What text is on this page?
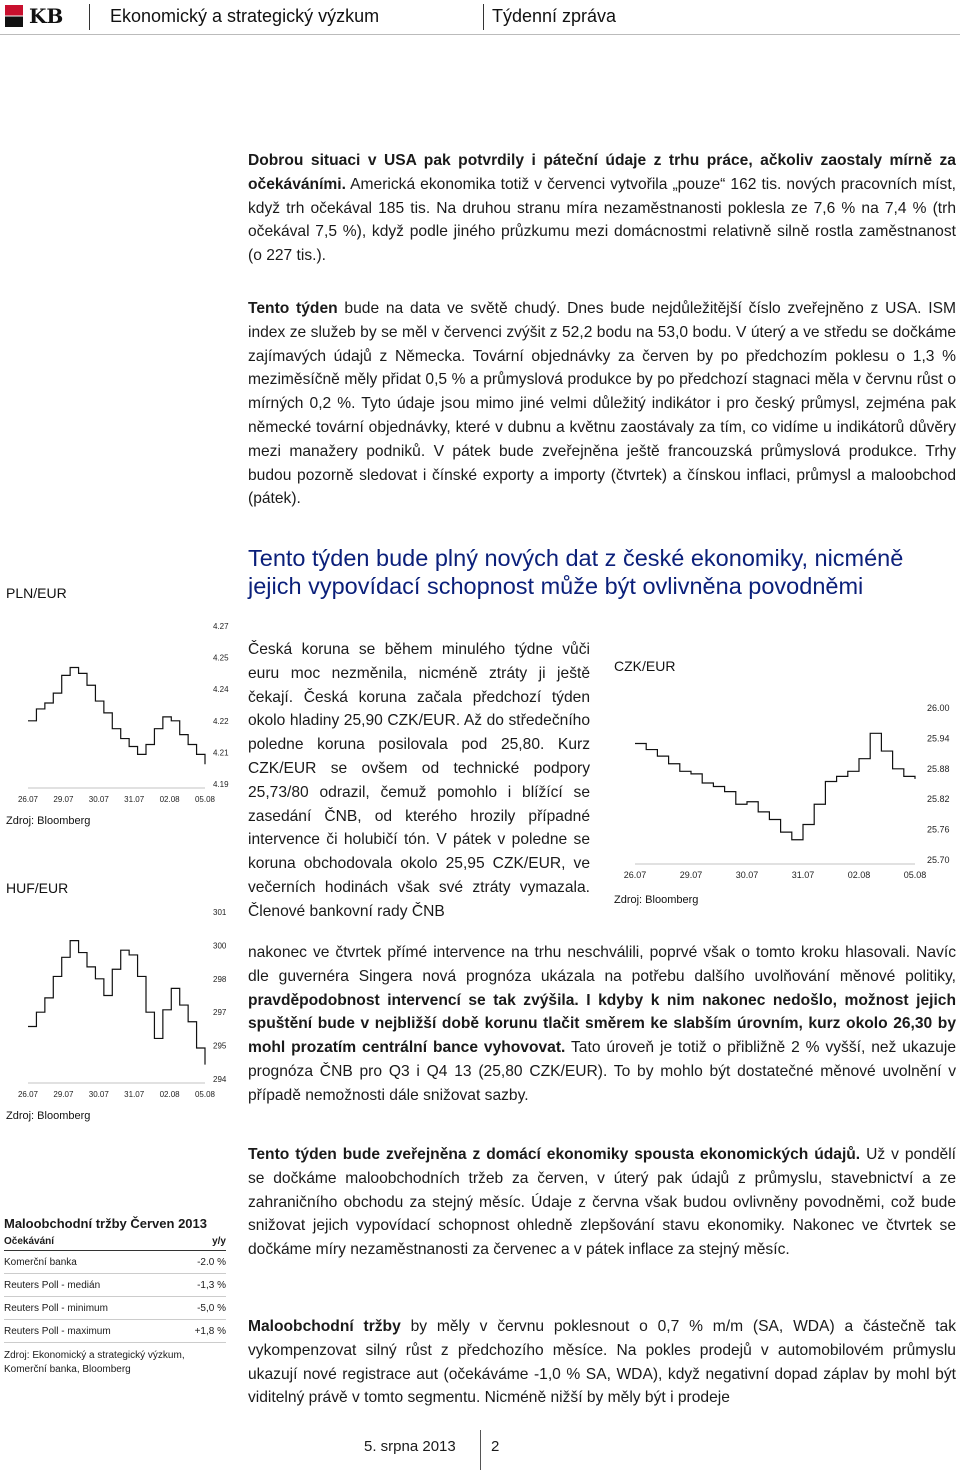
KB	Ekonomický a strategický výzkum	Týdenní zpráva
Dobrou situaci v USA pak potvrdily i páteční údaje z trhu práce, ačkoliv zaostaly mírně za očekáváními. Americká ekonomika totiž v červenci vytvořila „pouze“ 162 tis. nových pracovních míst, když trh očekával 185 tis. Na druhou stranu míra nezaměstnanosti poklesla ze 7,6 % na 7,4 % (trh očekával 7,5 %), když podle jiného průzkumu mezi domácnostmi relativně silně rostla zaměstnanost (o 227 tis.).
Tento týden bude na data ve světě chudý. Dnes bude nejdůležitější číslo zveřejněno z USA. ISM index ze služeb by se měl v červenci zvýšit z 52,2 bodu na 53,0 bodu. V úterý a ve středu se dočkáme zajímavých údajů z Německa. Tovární objednávky za červen by po předchozím poklesu o 1,3 % meziměsíčně měly přidat 0,5 % a průmyslová produkce by po předchozí stagnaci měla v červnu růst o mírných 0,2 %. Tyto údaje jsou mimo jiné velmi důležitý indikátor i pro český průmysl, zejména pak německé tovární objednávky, které v dubnu a květnu zaostávaly za tím, co vidíme u indikátorů důvěry mezi manažery podniků. V pátek bude zveřejněna ještě francouzská průmyslová produkce. Trhy budou pozorně sledovat i čínské exporty a importy (čtvrtek) a čínskou inflaci, průmysl a maloobchod (pátek).
Tento týden bude plný nových dat z české ekonomiky, nicméně jejich vypovídací schopnost může být ovlivněna povodněmi
Česká koruna se během minulého týdne vůči euru moc nezměnila, nicméně ztráty ji ještě čekají. Česká koruna začala předchozí týden okolo hladiny 25,90 CZK/EUR. Až do středečního poledne koruna posilovala pod 25,80. Kurz CZK/EUR se ovšem od technické podpory 25,73/80 odrazil, čemuž pomohlo i blížící se zasedání ČNB, od kterého hrozily případné intervence či holubičí tón. V pátek v poledne se koruna obchodovala okolo 25,95 CZK/EUR, ve večerních hodinách však své ztráty vymazala. Členové bankovní rady ČNB
nakonec ve čtvrtek přímé intervence na trhu neschválili, poprvé však o tomto kroku hlasovali. Navíc dle guvernéra Singera nová prognóza ukázala na potřebu dalšího uvolňování měnové politiky, pravděpodobnost intervencí se tak zvýšila. I kdyby k nim nakonec nedošlo, možnost jejich spuštění bude v nejbližší době korunu tlačit směrem ke slabším úrovním, kurz okolo 26,30 by mohl prozatím centrální bance vyhovovat. Tato úroveň je totiž o přibližně 2 % vyšší, než ukazuje prognóza ČNB pro Q3 i Q4 13 (25,80 CZK/EUR). To by mohlo být dostatečné měnové uvolnění v případě nemožnosti dále snižovat sazby.
Tento týden bude zveřejněna z domácí ekonomiky spousta ekonomických údajů. Už v pondělí se dočkáme maloobchodních tržeb za červen, v úterý pak údajů z průmyslu, stavebnictví a ze zahraničního obchodu za stejný měsíc. Údaje z června však budou ovlivněny povodněmi, což bude snižovat jejich vypovídací schopnost ohledně zlepšování stavu ekonomiky. Nakonec ve čtvrtek se dočkáme míry nezaměstnanosti za červenec a v pátek inflace za stejný měsíc.
Maloobchodní tržby by měly v červnu poklesnout o 0,7 % m/m (SA, WDA) a částečně tak vykompenzovat silný růst z předchozího měsíce. Na pokles prodejů v automobilovém průmyslu ukazují nové registrace aut (očekáváme -1,0 % SA, WDA), když negativní dopad záplav by mohl být viditelný právě v tomto segmentu. Nicméně nižší by měly být i prodeje
PLN/EUR
4.27
4.25
4.24
4.22
4.21
4.19
26.07 29.07 30.07 31.07 02.08 05.08
Zdroj: Bloomberg
HUF/EUR
301
300
298
297
295
294
26.07 29.07 30.07 31.07 02.08 05.08
Zdroj: Bloomberg
CZK/EUR
26.00
25.94
25.88
25.82
25.76
25.70
26.07	29.07	30.07	31.07	02.08	05.08
Zdroj: Bloomberg
Maloobchodní tržby Červen 2013
Očekávání	y/y
Komerční banka	-2.0 %
Reuters Poll - medián	-1,3 %
Reuters Poll - minimum	-5,0 %
Reuters Poll - maximum	+1,8 %
Zdroj: Ekonomický a strategický výzkum, Komerční banka, Bloomberg
5. srpna 2013 2
